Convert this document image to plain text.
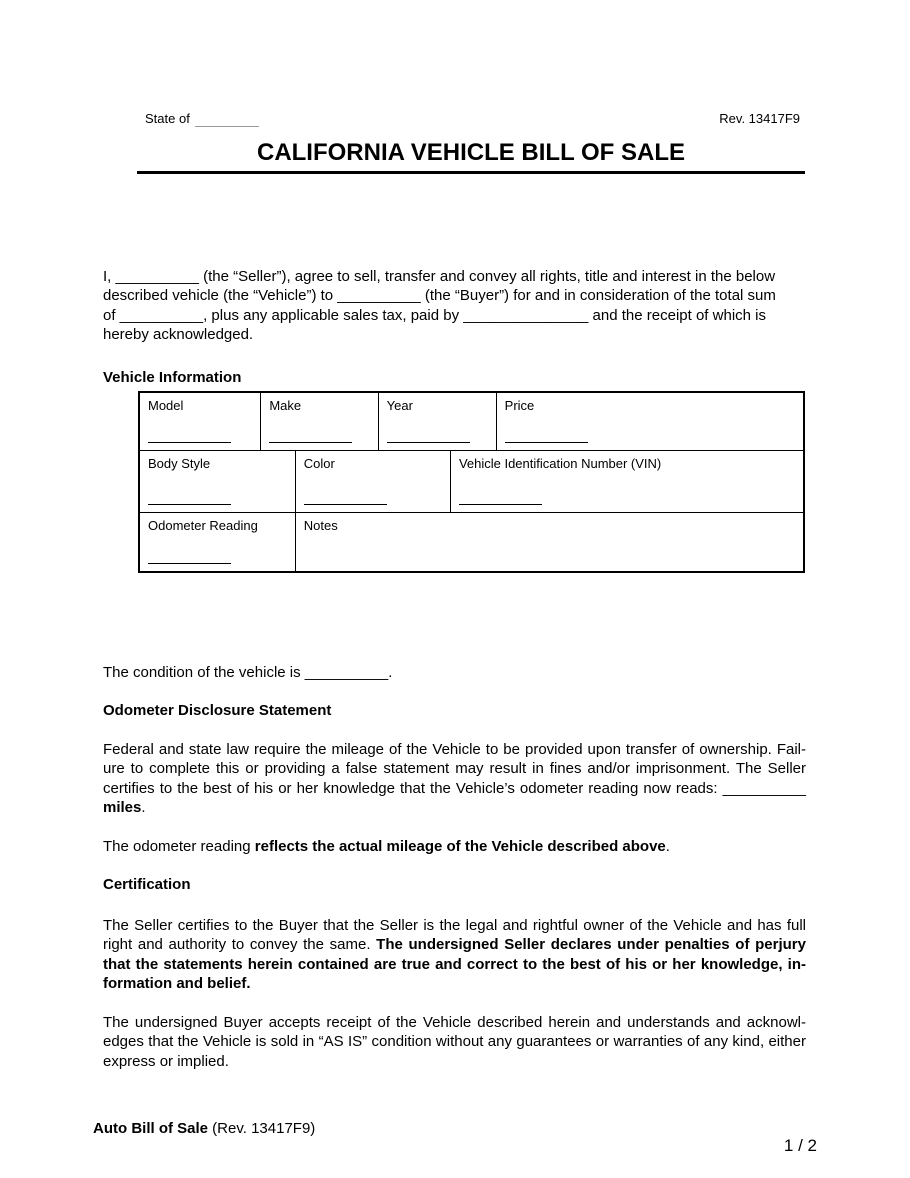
State of	Rev. 13417F9
CALIFORNIA VEHICLE BILL OF SALE
I, __________ (the “Seller”), agree to sell, transfer and convey all rights, title and interest in the below
described vehicle (the “Vehicle”) to __________ (the “Buyer”) for and in consideration of the total sum
of __________, plus any applicable sales tax, paid by _______________ and the receipt of which is
hereby acknowledged.
Vehicle Information
Model	Make	Year	Price
Body Style	Color	Vehicle Identification Number (VIN)
Odometer Reading	Notes
The condition of the vehicle is __________.
Odometer Disclosure Statement
Federal and state law require the mileage of the Vehicle to be provided upon transfer of ownership. Fail-
ure to complete this or providing a false statement may result in fines and/or imprisonment. The Seller
certifies to the best of his or her knowledge that the Vehicle’s odometer reading now reads: __________
miles.
The odometer reading reflects the actual mileage of the Vehicle described above.
Certification
The Seller certifies to the Buyer that the Seller is the legal and rightful owner of the Vehicle and has full
right and authority to convey the same. The undersigned Seller declares under penalties of perjury
that the statements herein contained are true and correct to the best of his or her knowledge, in-
formation and belief.
The undersigned Buyer accepts receipt of the Vehicle described herein and understands and acknowl-
edges that the Vehicle is sold in “AS IS” condition without any guarantees or warranties of any kind, either
express or implied.
Auto Bill of Sale (Rev. 13417F9)
1 / 2
